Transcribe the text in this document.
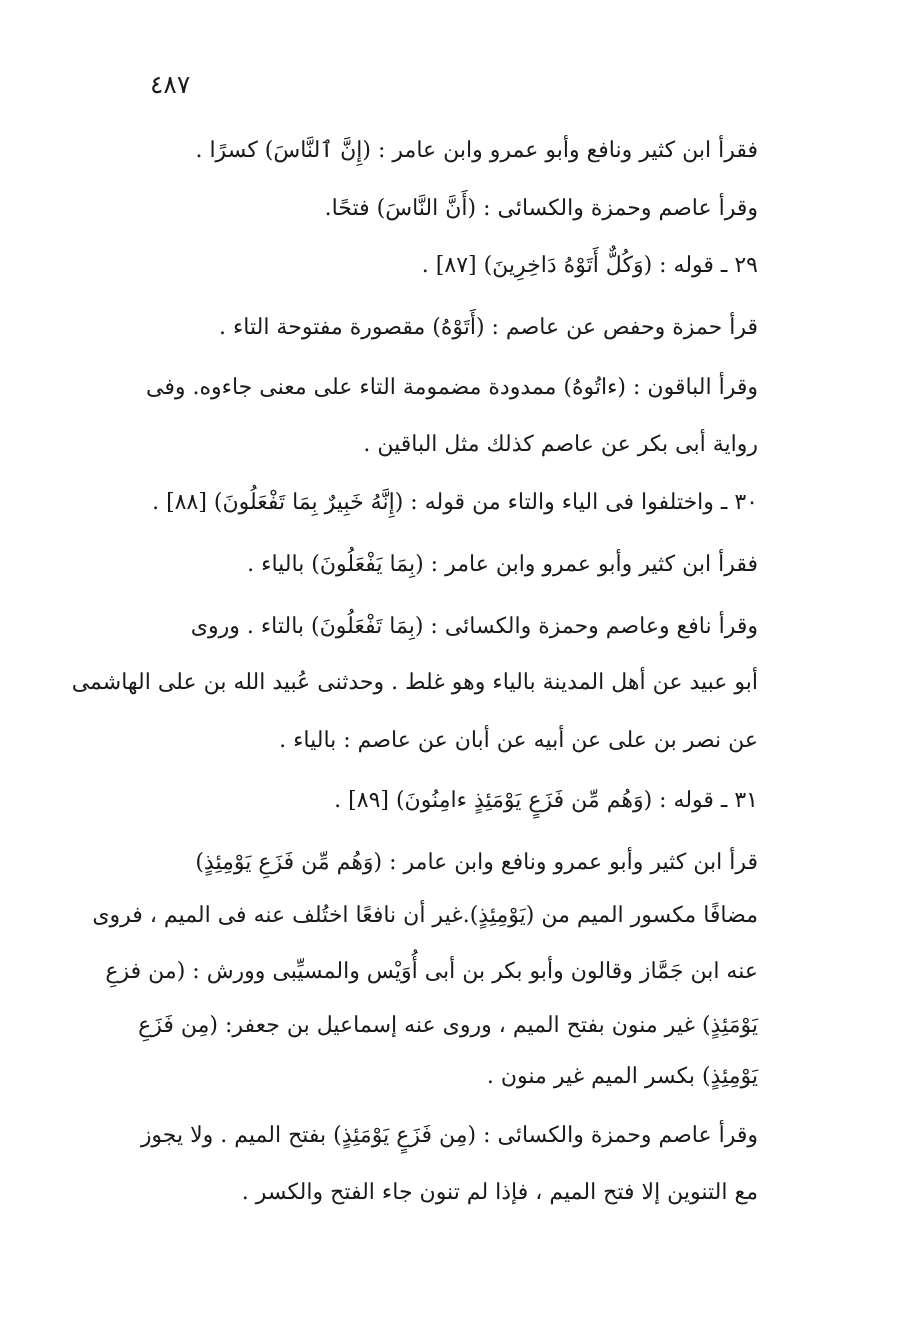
٤٨٧
فقرأ ابن كثير ونافع وأبو عمرو وابن عامر : (إِنَّ ٱلنَّاسَ) كسرًا .
وقرأ عاصم وحمزة والكسائى : (أَنَّ النَّاسَ) فتحًا.
٢٩ ـ قوله : (وَكُلٌّ أَتَوْهُ دَاخِرِينَ) [٨٧] .
قرأ حمزة وحفص عن عاصم : (أَتَوْهُ) مقصورة مفتوحة التاء .
وقرأ الباقون : (ءاتُوهُ) ممدودة مضمومة التاء على معنى جاءوه. وفى
رواية أبى بكر عن عاصم كذلك مثل الباقين .
٣٠ ـ واختلفوا فى الياء والتاء من قوله : (إِنَّهُ خَبِيرٌ بِمَا تَفْعَلُونَ) [٨٨] .
فقرأ ابن كثير وأبو عمرو وابن عامر : (بِمَا يَفْعَلُونَ) بالياء .
وقرأ نافع وعاصم وحمزة والكسائى : (بِمَا تَفْعَلُونَ) بالتاء . وروى
أبو عبيد عن أهل المدينة بالياء وهو غلط . وحدثنى عُبيد الله بن على الهاشمى
عن نصر بن على عن أبيه عن أبان عن عاصم : بالياء .
٣١ ـ قوله : (وَهُم مِّن فَزَعٍ يَوْمَئِذٍ ءامِنُونَ) [٨٩] .
قرأ ابن كثير وأبو عمرو ونافع وابن عامر : (وَهُم مِّن فَزَعِ يَوْمِئِذٍ)
مضافًا مكسور الميم من (يَوْمِئِذٍ).غير أن نافعًا اختُلف عنه فى الميم ، فروى
عنه ابن جَمَّاز وقالون وأبو بكر بن أبى أُوَيْس والمسيِّبى وورش : (من فزعِ
يَوْمَئِذٍ) غير منون بفتح الميم ، وروى عنه إسماعيل بن جعفر: (مِن فَزَعِ
يَوْمِئِذٍ) بكسر الميم غير منون .
وقرأ عاصم وحمزة والكسائى : (مِن فَزَعٍ يَوْمَئِذٍ) بفتح الميم . ولا يجوز
مع التنوين إلا فتح الميم ، فإذا لم تنون جاء الفتح والكسر .
